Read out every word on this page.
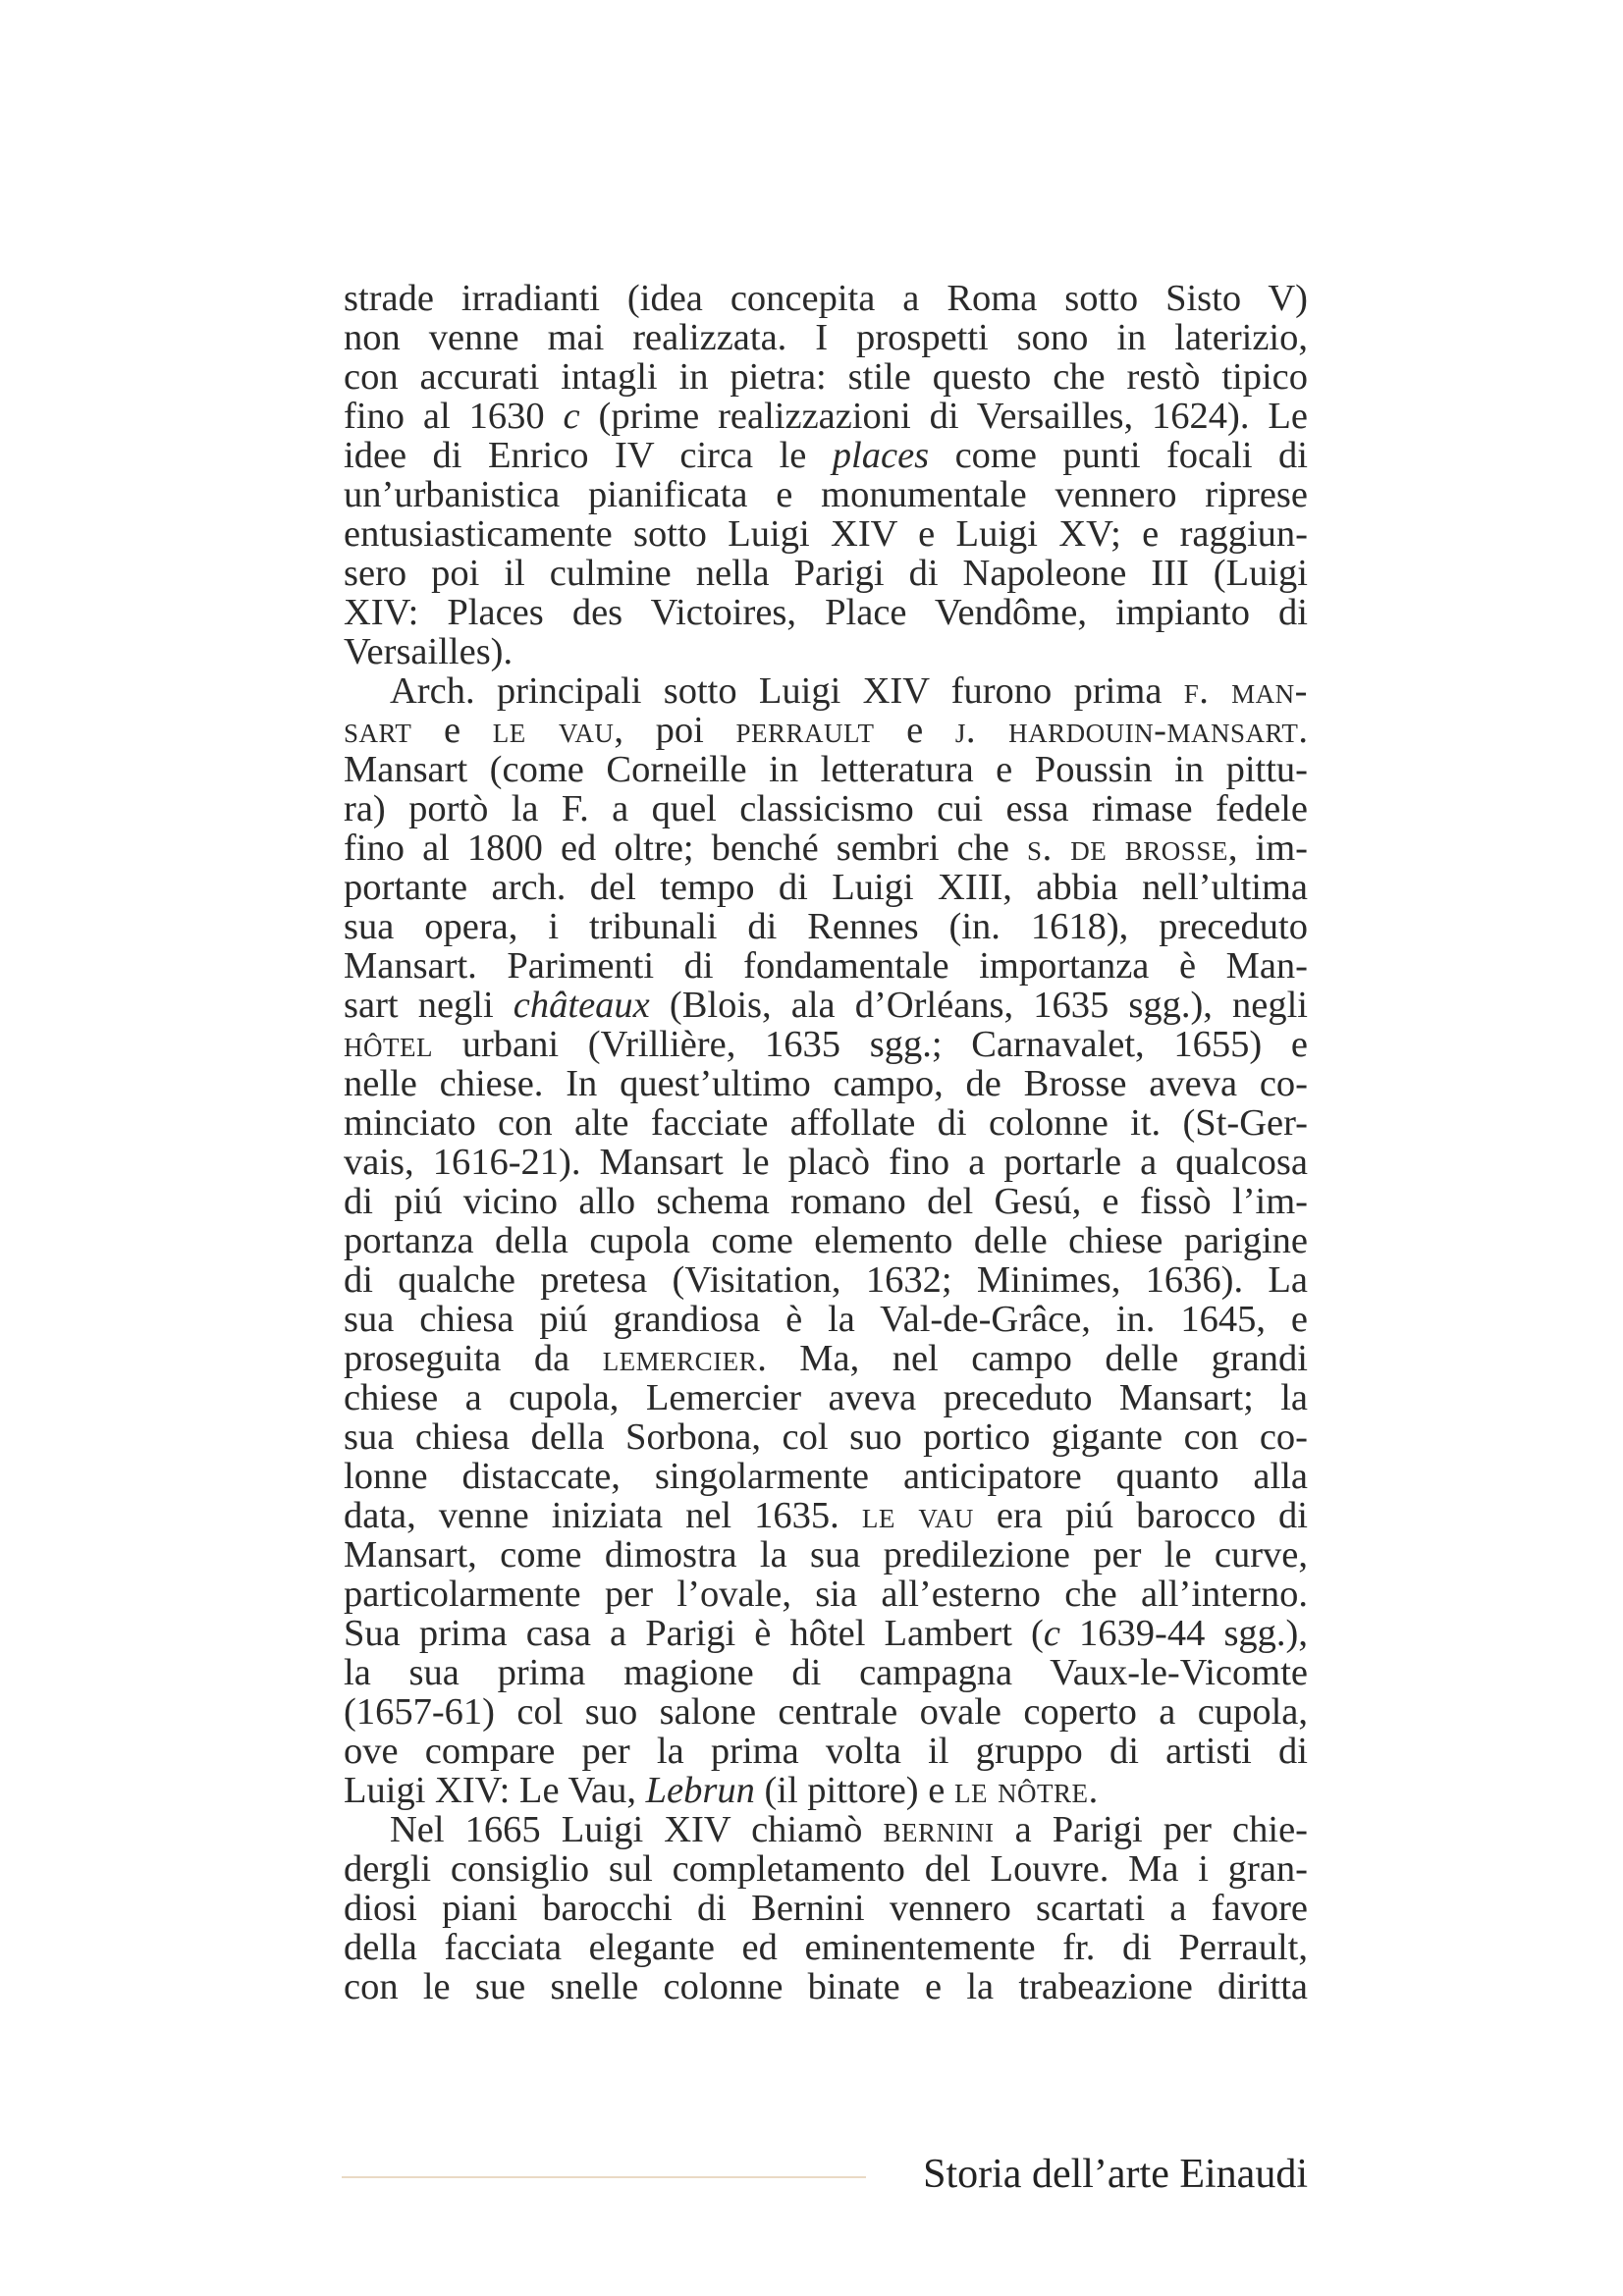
strade irradianti (idea concepita a Roma sotto Sisto V)
non venne mai realizzata. I prospetti sono in laterizio,
con accurati intagli in pietra: stile questo che restò tipico
fino al 1630 c (prime realizzazioni di Versailles, 1624). Le
idee di Enrico IV circa le places come punti focali di
un’urbanistica pianificata e monumentale vennero riprese
entusiasticamente sotto Luigi XIV e Luigi XV; e raggiun-
sero poi il culmine nella Parigi di Napoleone III (Luigi
XIV: Places des Victoires, Place Vendôme, impianto di
Versailles).
Arch. principali sotto Luigi XIV furono prima f. man-
sart e le vau, poi perrault e j. hardouin-mansart.
Mansart (come Corneille in letteratura e Poussin in pittu-
ra) portò la F. a quel classicismo cui essa rimase fedele
fino al 1800 ed oltre; benché sembri che s. de brosse, im-
portante arch. del tempo di Luigi XIII, abbia nell’ultima
sua opera, i tribunali di Rennes (in. 1618), preceduto
Mansart. Parimenti di fondamentale importanza è Man-
sart negli châteaux (Blois, ala d’Orléans, 1635 sgg.), negli
hôtel urbani (Vrillière, 1635 sgg.; Carnavalet, 1655) e
nelle chiese. In quest’ultimo campo, de Brosse aveva co-
minciato con alte facciate affollate di colonne it. (St-Ger-
vais, 1616-21). Mansart le placò fino a portarle a qualcosa
di piú vicino allo schema romano del Gesú, e fissò l’im-
portanza della cupola come elemento delle chiese parigine
di qualche pretesa (Visitation, 1632; Minimes, 1636). La
sua chiesa piú grandiosa è la Val-de-Grâce, in. 1645, e
proseguita da lemercier. Ma, nel campo delle grandi
chiese a cupola, Lemercier aveva preceduto Mansart; la
sua chiesa della Sorbona, col suo portico gigante con co-
lonne distaccate, singolarmente anticipatore quanto alla
data, venne iniziata nel 1635. le vau era piú barocco di
Mansart, come dimostra la sua predilezione per le curve,
particolarmente per l’ovale, sia all’esterno che all’interno.
Sua prima casa a Parigi è hôtel Lambert (c 1639-44 sgg.),
la sua prima magione di campagna Vaux-le-Vicomte
(1657-61) col suo salone centrale ovale coperto a cupola,
ove compare per la prima volta il gruppo di artisti di
Luigi XIV: Le Vau, Lebrun (il pittore) e le nôtre.
Nel 1665 Luigi XIV chiamò bernini a Parigi per chie-
dergli consiglio sul completamento del Louvre. Ma i gran-
diosi piani barocchi di Bernini vennero scartati a favore
della facciata elegante ed eminentemente fr. di Perrault,
con le sue snelle colonne binate e la trabeazione diritta
Storia dell’arte Einaudi
